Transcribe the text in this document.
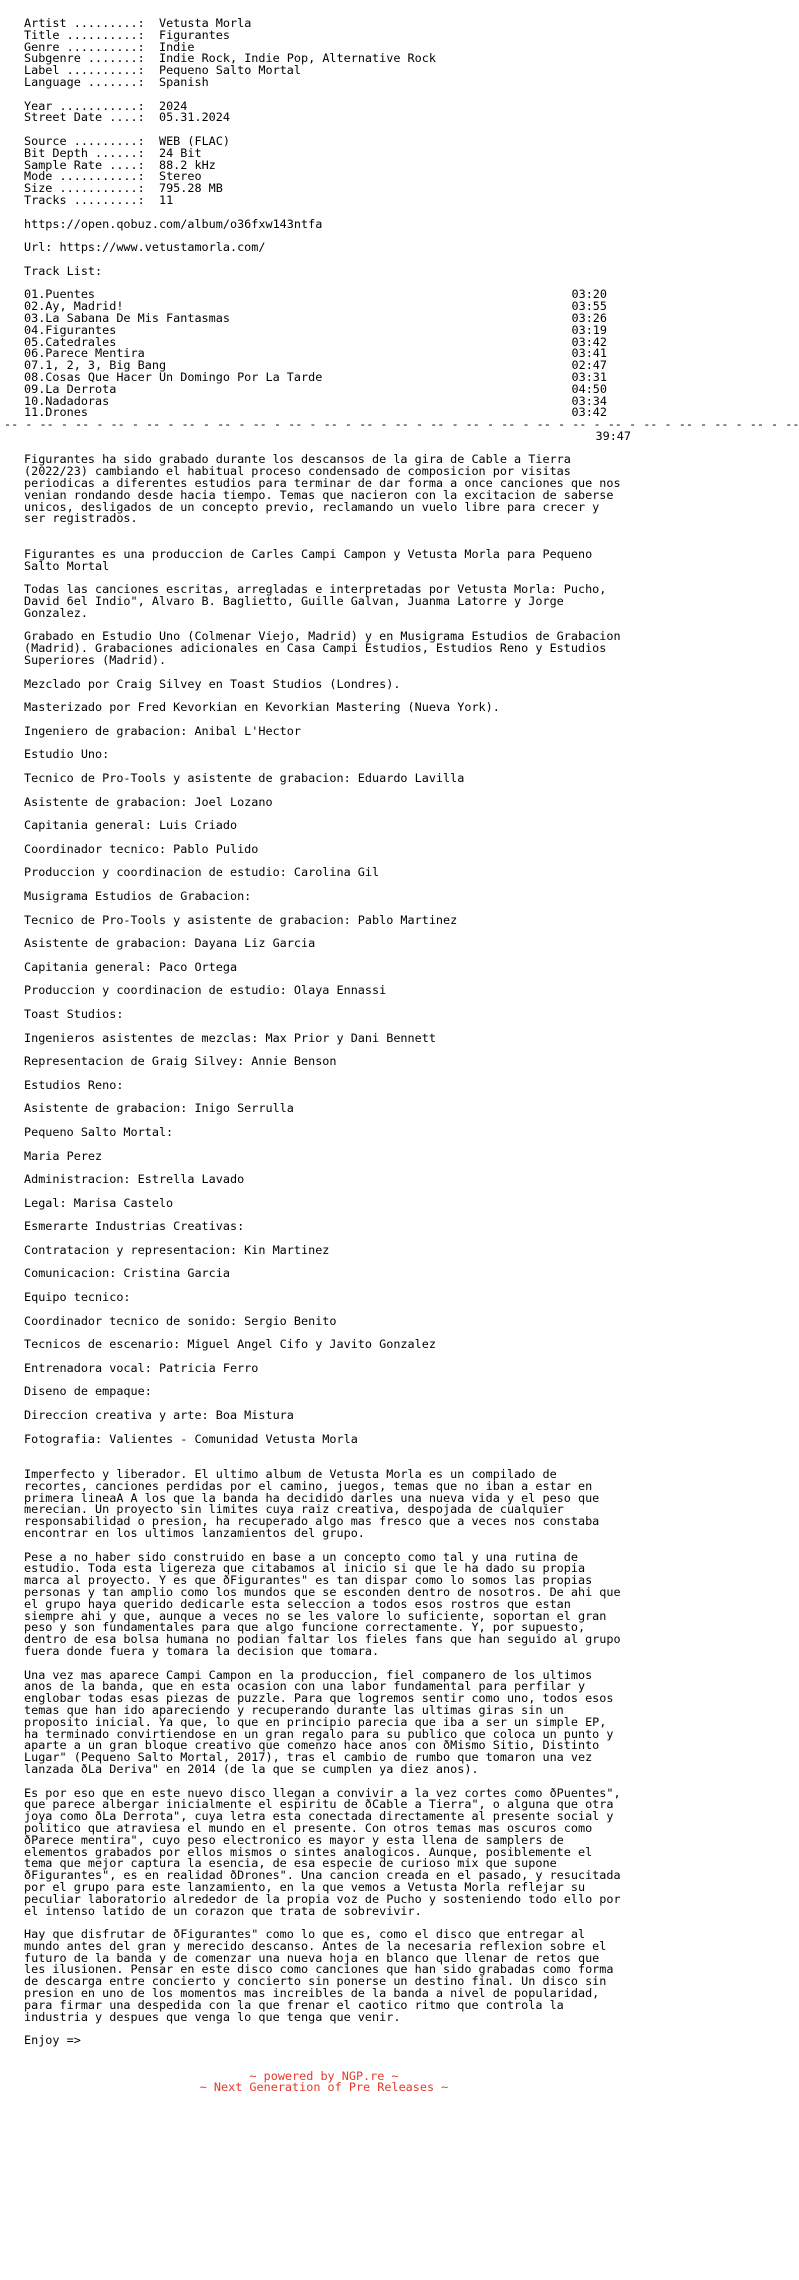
Artist .........: Vetusta Morla
Title ..........: Figurantes
Genre ..........: Indie
Subgenre .......: Indie Rock, Indie Pop, Alternative Rock
Label ..........: Pequeno Salto Mortal
Language .......: Spanish
Year ...........: 2024
Street Date ....: 05.31.2024
Source .........: WEB (FLAC)
Bit Depth ......: 24 Bit
Sample Rate ....: 88.2 kHz
Mode ...........: Stereo
Size ...........: 795.28 MB
Tracks .........: 11
https://open.qobuz.com/album/o36fxw143ntfa
Url: https://www.vetustamorla.com/
Track List:
01.Puentes	03:20
02.Ay, Madrid!	03:55
03.La Sabana De Mis Fantasmas	03:26
04.Figurantes	03:19
05.Catedrales	03:42
06.Parece Mentira	03:41
07.1, 2, 3, Big Bang	02:47
08.Cosas Que Hacer Un Domingo Por La Tarde	03:31
09.La Derrota	04:50
10.Nadadoras	03:34
11.Drones	03:42
-- - -- - -- - -- - -- - -- - -- - -- - -- - -- - -- - -- - -- - -- - -- - -- - -- - -- - -- - -- - -- - -- - --
39:47

Figurantes ha sido grabado durante los descansos de la gira de Cable a Tierra  (2022/23) cambiando el habitual proceso condensado de composicion por visitas periodicas a diferentes estudios para terminar de dar forma a once canciones que nos venian rondando desde hacia tiempo. Temas que nacieron con la excitacion de saberse unicos, desligados de un concepto previo, reclamando un vuelo libre para crecer y ser registrados.

Figurantes es una produccion de Carles Campi Campon y Vetusta Morla para Pequeno Salto Mortal

Todas las canciones escritas, arregladas e interpretadas por Vetusta Morla: Pucho, David 6el Indio", Alvaro B. Baglietto, Guille Galvan, Juanma Latorre y Jorge Gonzalez.

Grabado en Estudio Uno (Colmenar Viejo, Madrid) y en Musigrama Estudios de Grabacion (Madrid). Grabaciones adicionales en Casa Campi Estudios, Estudios Reno y Estudios Superiores (Madrid).

Mezclado por Craig Silvey en Toast Studios (Londres).

Masterizado por Fred Kevorkian en Kevorkian Mastering (Nueva York).

Ingeniero de grabacion: Anibal L'Hector

Estudio Uno:

Tecnico de Pro-Tools y asistente de grabacion: Eduardo Lavilla

Asistente de grabacion: Joel Lozano

Capitania general: Luis Criado

Coordinador tecnico: Pablo Pulido

Produccion y coordinacion de estudio: Carolina Gil

Musigrama Estudios de Grabacion:

Tecnico de Pro-Tools y asistente de grabacion: Pablo Martinez

Asistente de grabacion: Dayana Liz Garcia

Capitania general: Paco Ortega

Produccion y coordinacion de estudio: Olaya Ennassi

Toast Studios:

Ingenieros asistentes de mezclas: Max Prior y Dani Bennett

Representacion de Graig Silvey: Annie Benson

Estudios Reno:

Asistente de grabacion: Inigo Serrulla

Pequeno Salto Mortal:

Maria Perez

Administracion: Estrella Lavado

Legal: Marisa Castelo

Esmerarte Industrias Creativas:

Contratacion y representacion: Kin Martinez

Comunicacion: Cristina Garcia

Equipo tecnico:

Coordinador tecnico de sonido: Sergio Benito

Tecnicos de escenario: Miguel Angel Cifo y Javito Gonzalez

Entrenadora vocal: Patricia Ferro

Diseno de empaque:

Direccion creativa y arte: Boa Mistura

Fotografia: Valientes - Comunidad Vetusta Morla

Imperfecto y liberador. El ultimo album de Vetusta Morla es un compilado de recortes, canciones perdidas por el camino, juegos, temas que no iban a estar en primera lineaA A los que la banda ha decidido darles una nueva vida y el peso que merecian. Un proyecto sin limites cuya raiz creativa, despojada de cualquier responsabilidad o presion, ha recuperado algo mas fresco que a veces nos constaba encontrar en los ultimos lanzamientos del grupo.

Pese a no haber sido construido en base a un concepto como tal y una rutina de estudio. Toda esta ligereza que citabamos al inicio si que le ha dado su propia marca al proyecto. Y es que ðFigurantes" es tan dispar como lo somos las propias personas y tan amplio como los mundos que se esconden dentro de nosotros. De ahi que el grupo haya querido dedicarle esta seleccion a todos esos rostros que estan siempre ahi y que, aunque a veces no se les valore lo suficiente, soportan el gran peso y son fundamentales para que algo funcione correctamente. Y, por supuesto, dentro de esa bolsa humana no podian faltar los fieles fans que han seguido al grupo fuera donde fuera y tomara la decision que tomara.

Una vez mas aparece Campi Campon en la produccion, fiel companero de los ultimos anos de la banda, que en esta ocasion con una labor fundamental para perfilar y englobar todas esas piezas de puzzle. Para que logremos sentir como uno, todos esos temas que han ido apareciendo y recuperando durante las ultimas giras sin un proposito inicial. Ya que, lo que en principio parecia que iba a ser un simple EP, ha terminado convirtiendose en un gran regalo para su publico que coloca un punto y aparte a un gran bloque creativo que comenzo hace anos con ðMismo Sitio, Distinto Lugar" (Pequeno Salto Mortal, 2017), tras el cambio de rumbo que tomaron una vez lanzada ðLa Deriva" en 2014 (de la que se cumplen ya diez anos).

Es por eso que en este nuevo disco llegan a convivir a la vez cortes como ðPuentes", que parece albergar inicialmente el espiritu de ðCable a Tierra", o alguna que otra joya como ðLa Derrota", cuya letra esta conectada directamente al presente social y politico que atraviesa el mundo en el presente. Con otros temas mas oscuros como ðParece mentira", cuyo peso electronico es mayor y esta llena de samplers de elementos grabados por ellos mismos o sintes analogicos. Aunque, posiblemente el tema que mejor captura la esencia, de esa especie de curioso mix que supone ðFigurantes", es en realidad ðDrones". Una cancion creada en el pasado, y resucitada por el grupo para este lanzamiento, en la que vemos a Vetusta Morla reflejar su peculiar laboratorio alrededor de la propia voz de Pucho y sosteniendo todo ello por el intenso latido de un corazon que trata de sobrevivir.

Hay que disfrutar de ðFigurantes" como lo que es, como el disco que entregar al mundo antes del gran y merecido descanso. Antes de la necesaria reflexion sobre el futuro de la banda y de comenzar una nueva hoja en blanco que llenar de retos que les ilusionen. Pensar en este disco como canciones que han sido grabadas como forma de descarga entre concierto y concierto sin ponerse un destino final. Un disco sin presion en uno de los momentos mas increibles de la banda a nivel de popularidad, para firmar una despedida con la que frenar el caotico ritmo que controla la industria y despues que venga lo que tenga que venir.

Enjoy =>
~ powered by NGP.re ~
~ Next Generation of Pre Releases ~
